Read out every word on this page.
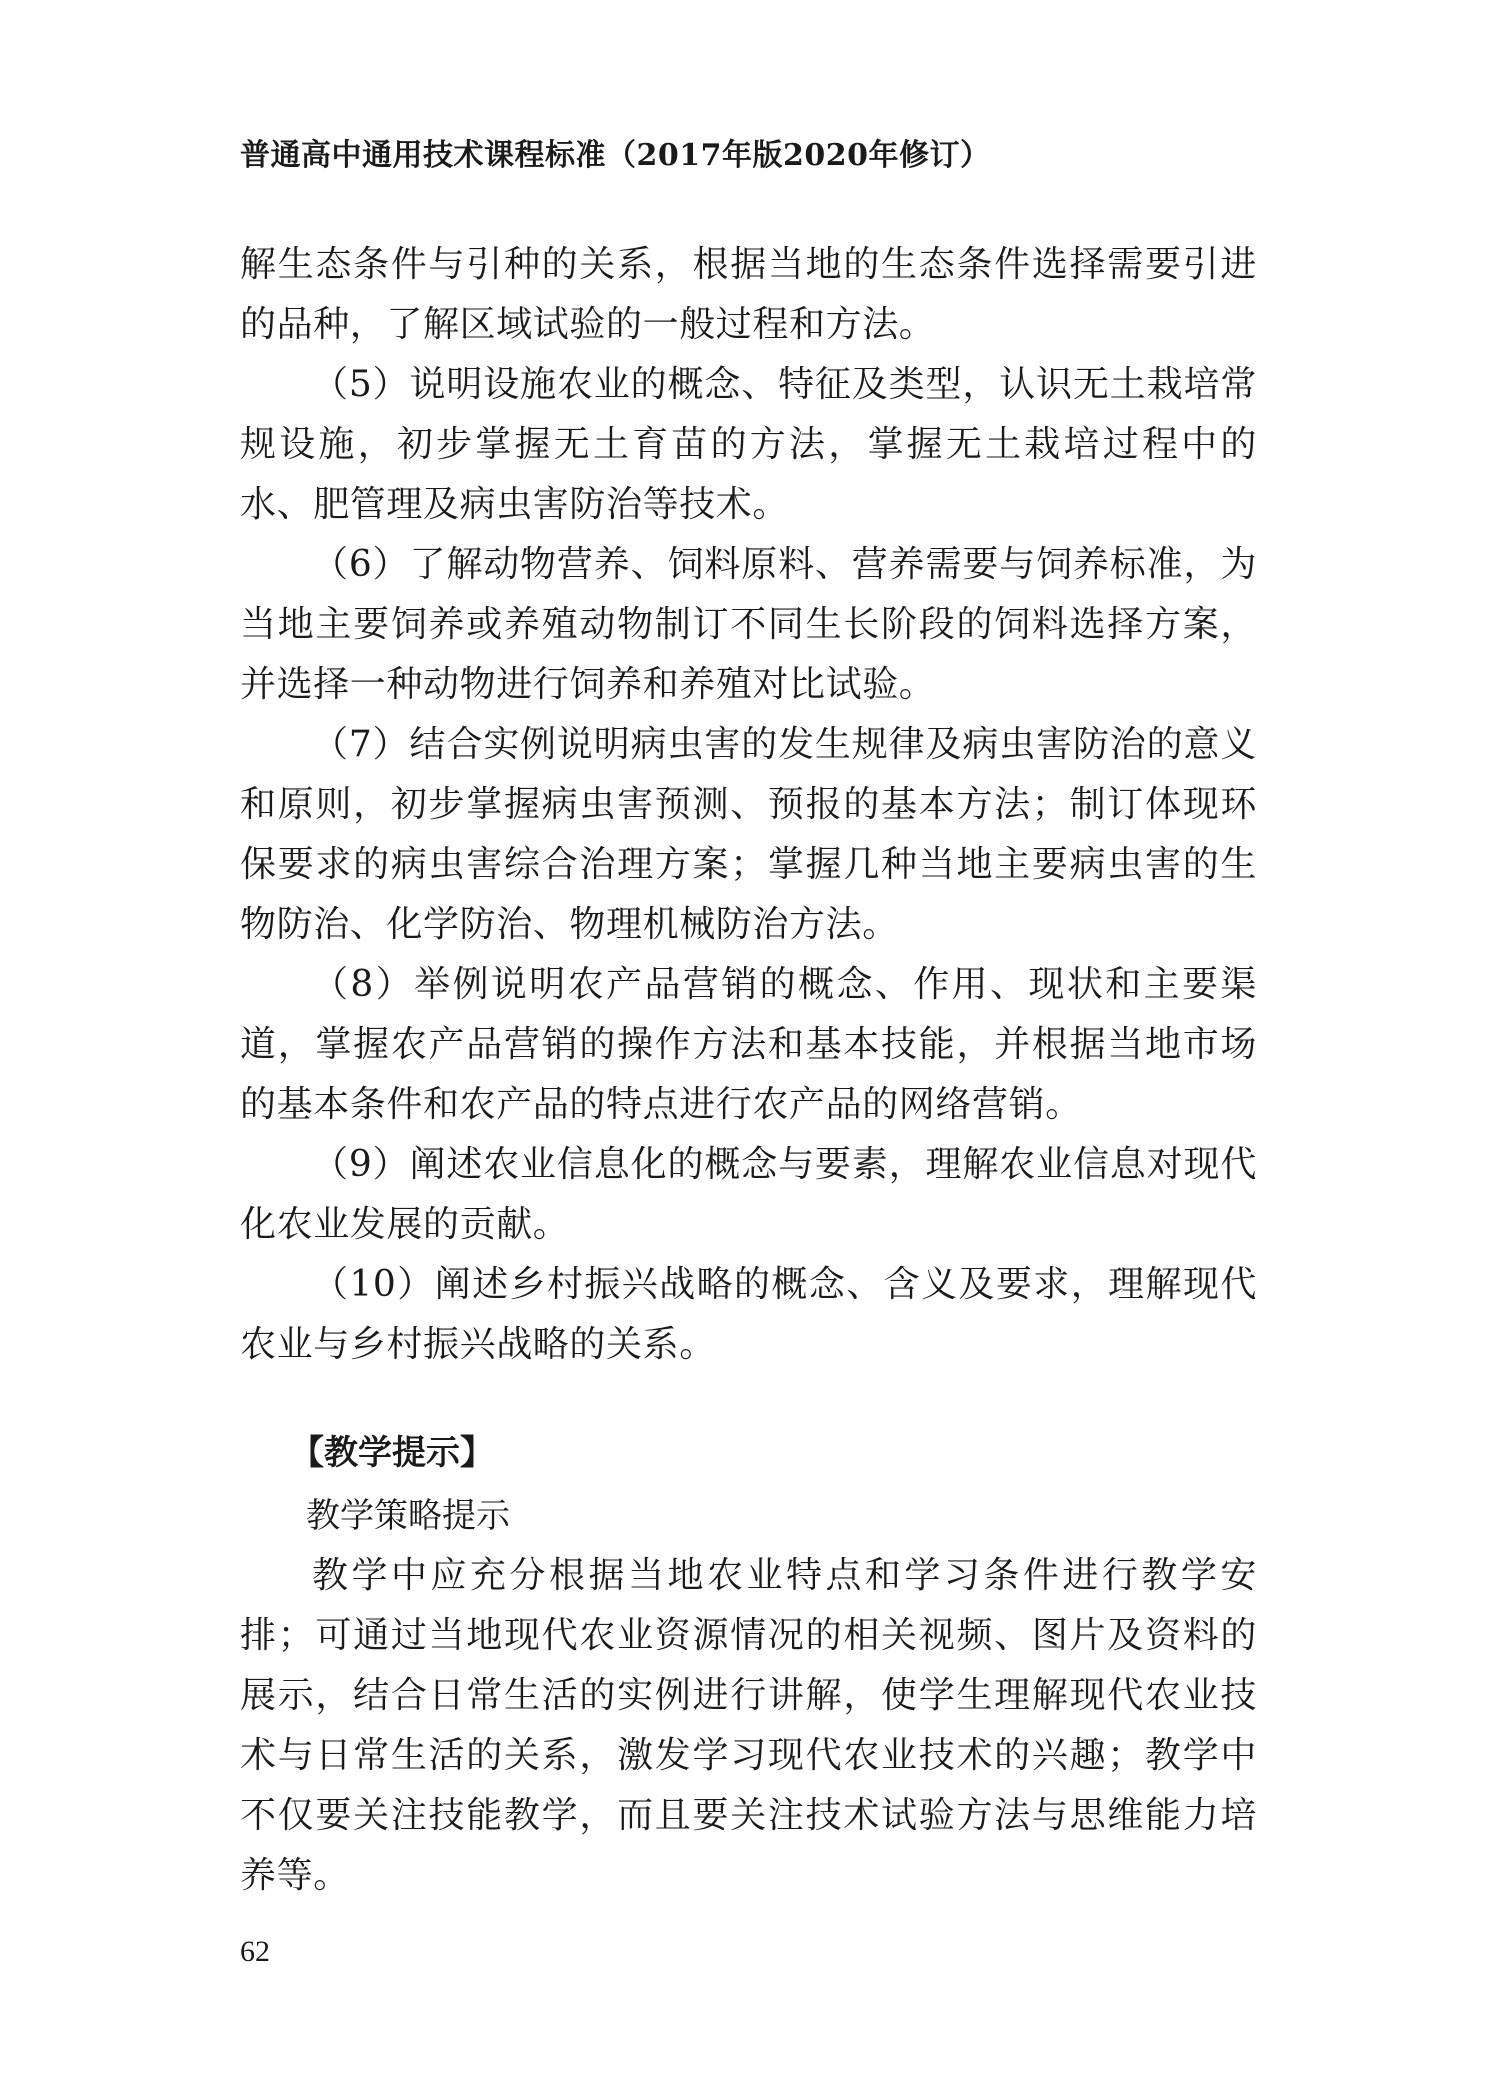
普通高中通用技术课程标准（2017年版2020年修订）

解生态条件与引种的关系，根据当地的生态条件选择需要引进的品种，了解区域试验的一般过程和方法。

（5）说明设施农业的概念、特征及类型，认识无土栽培常规设施，初步掌握无土育苗的方法，掌握无土栽培过程中的水、肥管理及病虫害防治等技术。

（6）了解动物营养、饲料原料、营养需要与饲养标准，为当地主要饲养或养殖动物制订不同生长阶段的饲料选择方案，并选择一种动物进行饲养和养殖对比试验。

（7）结合实例说明病虫害的发生规律及病虫害防治的意义和原则，初步掌握病虫害预测、预报的基本方法；制订体现环保要求的病虫害综合治理方案；掌握几种当地主要病虫害的生物防治、化学防治、物理机械防治方法。

（8）举例说明农产品营销的概念、作用、现状和主要渠道，掌握农产品营销的操作方法和基本技能，并根据当地市场的基本条件和农产品的特点进行农产品的网络营销。

（9）阐述农业信息化的概念与要素，理解农业信息对现代化农业发展的贡献。

（10）阐述乡村振兴战略的概念、含义及要求，理解现代农业与乡村振兴战略的关系。

【教学提示】
教学策略提示

教学中应充分根据当地农业特点和学习条件进行教学安排；可通过当地现代农业资源情况的相关视频、图片及资料的展示，结合日常生活的实例进行讲解，使学生理解现代农业技术与日常生活的关系，激发学习现代农业技术的兴趣；教学中不仅要关注技能教学，而且要关注技术试验方法与思维能力培养等。

62
